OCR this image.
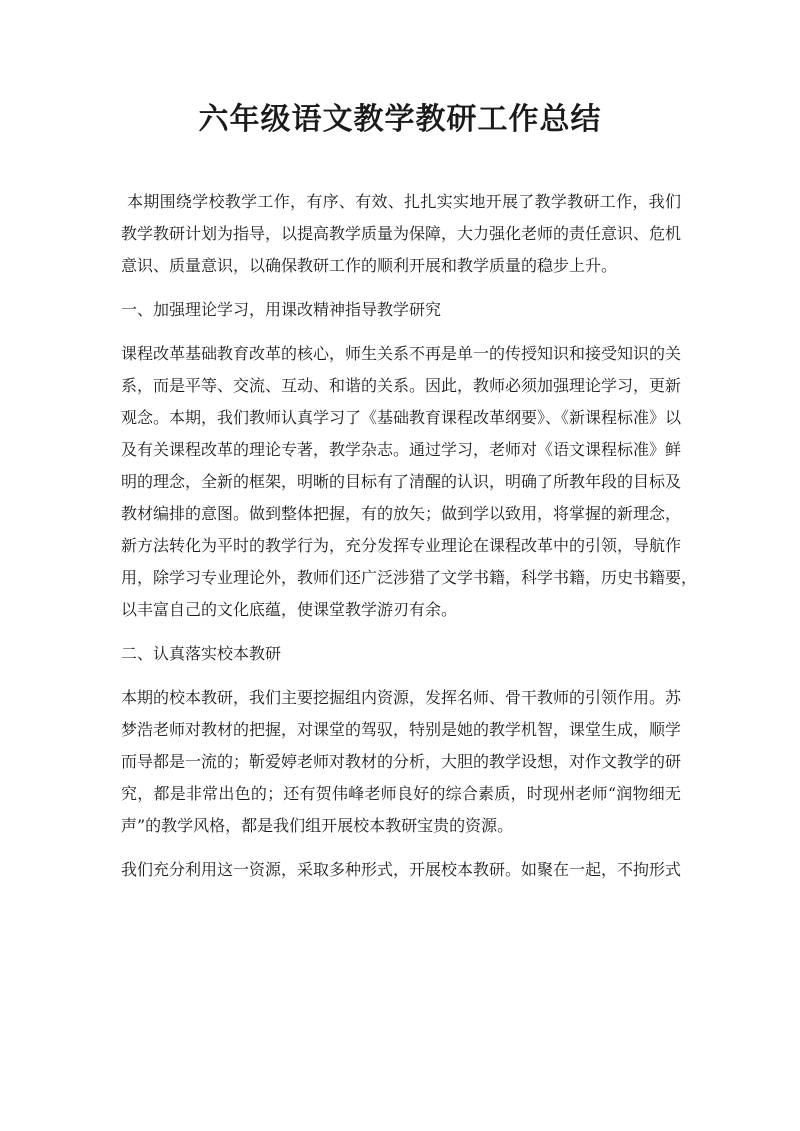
六年级语文教学教研工作总结
本期围绕学校教学工作，有序、有效、扎扎实实地开展了教学教研工作，我们
教学教研计划为指导，以提高教学质量为保障，大力强化老师的责任意识、危机
意识、质量意识，以确保教研工作的顺利开展和教学质量的稳步上升。
一、加强理论学习，用课改精神指导教学研究
课程改革基础教育改革的核心，师生关系不再是单一的传授知识和接受知识的关
系，而是平等、交流、互动、和谐的关系。因此，教师必须加强理论学习，更新
观念。本期，我们教师认真学习了《基础教育课程改革纲要》、《新课程标准》以
及有关课程改革的理论专著，教学杂志。通过学习，老师对《语文课程标准》鲜
明的理念，全新的框架，明晰的目标有了清醒的认识，明确了所教年段的目标及
教材编排的意图。做到整体把握，有的放矢；做到学以致用，将掌握的新理念，
新方法转化为平时的教学行为，充分发挥专业理论在课程改革中的引领，导航作
用，除学习专业理论外，教师们还广泛涉猎了文学书籍，科学书籍，历史书籍要，
以丰富自己的文化底蕴，使课堂教学游刃有余。
二、认真落实校本教研
本期的校本教研，我们主要挖掘组内资源，发挥名师、骨干教师的引领作用。苏
梦浩老师对教材的把握，对课堂的驾驭，特别是她的教学机智，课堂生成，顺学
而导都是一流的；靳爱婷老师对教材的分析，大胆的教学设想，对作文教学的研
究，都是非常出色的；还有贺伟峰老师良好的综合素质，时现州老师“润物细无
声”的教学风格，都是我们组开展校本教研宝贵的资源。
我们充分利用这一资源，采取多种形式，开展校本教研。如聚在一起，不拘形式
